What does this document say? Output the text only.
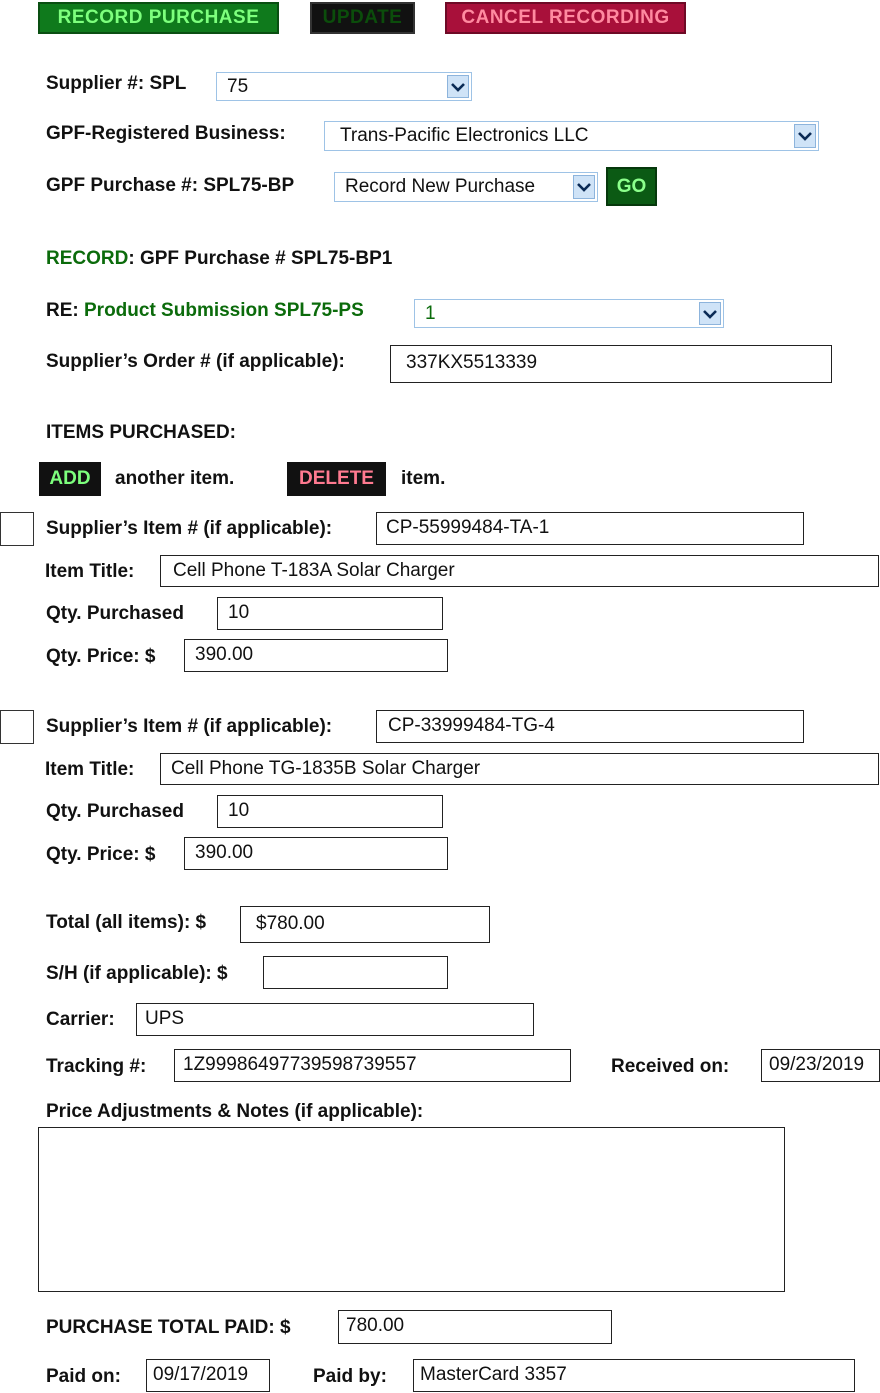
RECORD PURCHASE	UPDATE	CANCEL RECORDING
Supplier #: SPL	75
GPF-Registered Business:	Trans-Pacific Electronics LLC
GPF Purchase #: SPL75-BP	Record New Purchase	GO
RECORD: GPF Purchase # SPL75-BP1
RE: Product Submission SPL75-PS	1
Supplier’s Order # (if applicable):	337KX5513339
ITEMS PURCHASED:
ADD	another item.	DELETE	item.
Supplier’s Item # (if applicable):	CP-55999484-TA-1
Item Title:	Cell Phone T-183A Solar Charger
Qty. Purchased	10
Qty. Price: $	390.00
Supplier’s Item # (if applicable):	CP-33999484-TG-4
Item Title:	Cell Phone TG-1835B Solar Charger
Qty. Purchased	10
Qty. Price: $	390.00
Total (all items): $	$780.00
S/H (if applicable): $
Carrier:	UPS
Tracking #:	1Z99986497739598739557	Received on:	09/23/2019
Price Adjustments & Notes (if applicable):
PURCHASE TOTAL PAID: $	780.00
Paid on:	09/17/2019	Paid by:	MasterCard 3357
